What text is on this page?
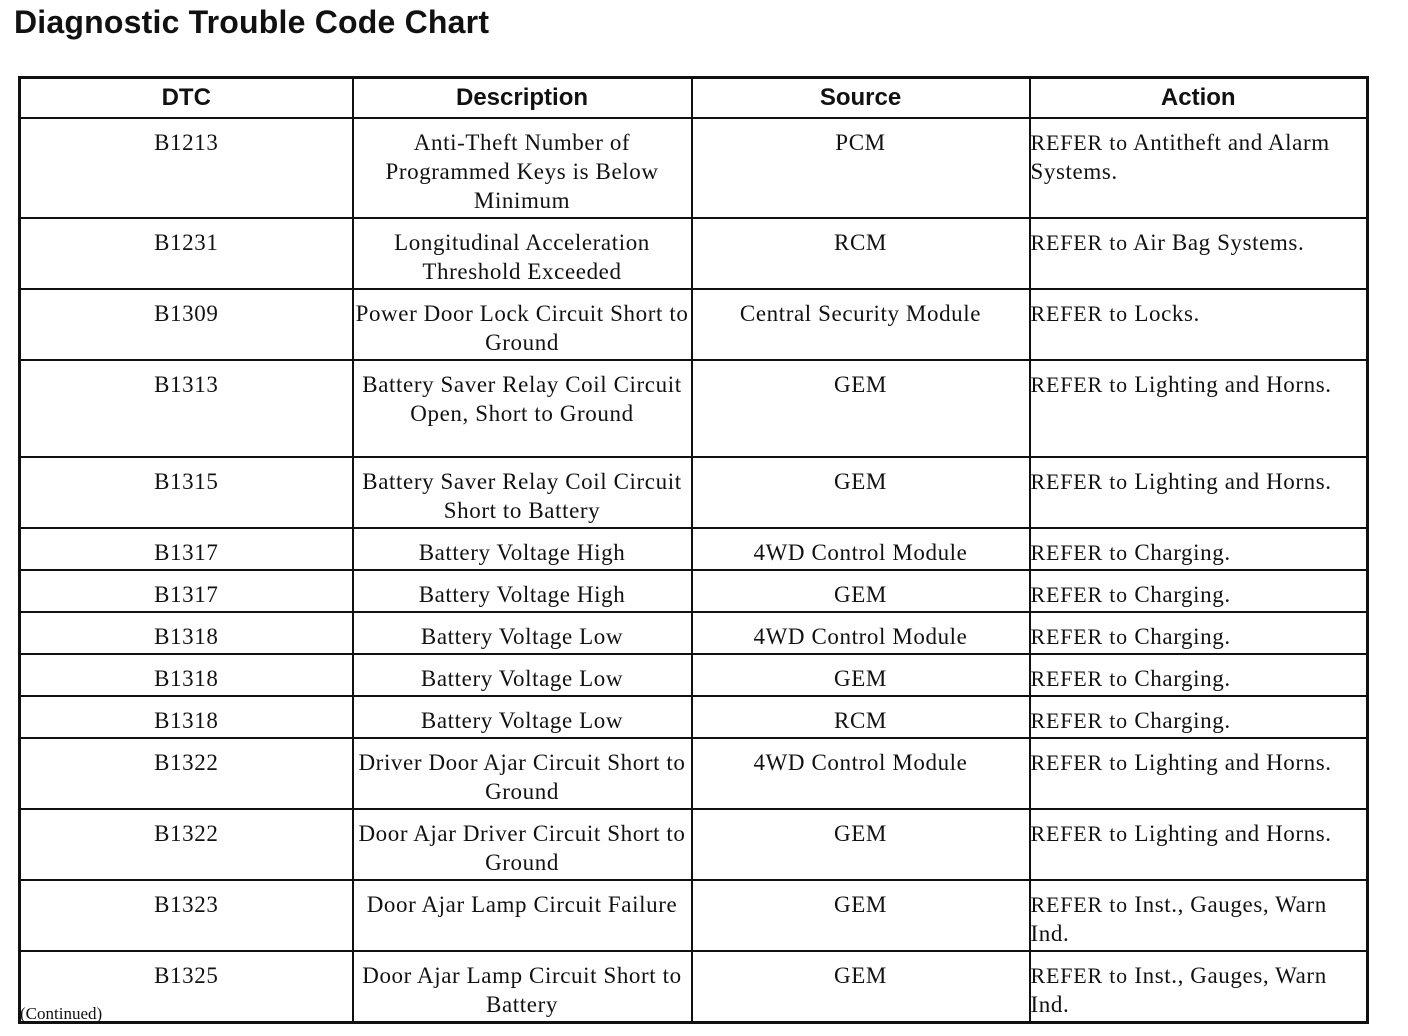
Diagnostic Trouble Code Chart
DTC	Description	Source	Action
B1213	Anti-Theft Number of Programmed Keys is Below Minimum	PCM	REFER to Antitheft and Alarm Systems.
B1231	Longitudinal Acceleration Threshold Exceeded	RCM	REFER to Air Bag Systems.
B1309	Power Door Lock Circuit Short to Ground	Central Security Module	REFER to Locks.
B1313	Battery Saver Relay Coil Circuit Open, Short to Ground	GEM	REFER to Lighting and Horns.
B1315	Battery Saver Relay Coil Circuit Short to Battery	GEM	REFER to Lighting and Horns.
B1317	Battery Voltage High	4WD Control Module	REFER to Charging.
B1317	Battery Voltage High	GEM	REFER to Charging.
B1318	Battery Voltage Low	4WD Control Module	REFER to Charging.
B1318	Battery Voltage Low	GEM	REFER to Charging.
B1318	Battery Voltage Low	RCM	REFER to Charging.
B1322	Driver Door Ajar Circuit Short to Ground	4WD Control Module	REFER to Lighting and Horns.
B1322	Door Ajar Driver Circuit Short to Ground	GEM	REFER to Lighting and Horns.
B1323	Door Ajar Lamp Circuit Failure	GEM	REFER to Inst., Gauges, Warn Ind.
B1325	Door Ajar Lamp Circuit Short to Battery	GEM	REFER to Inst., Gauges, Warn Ind.
(Continued)
